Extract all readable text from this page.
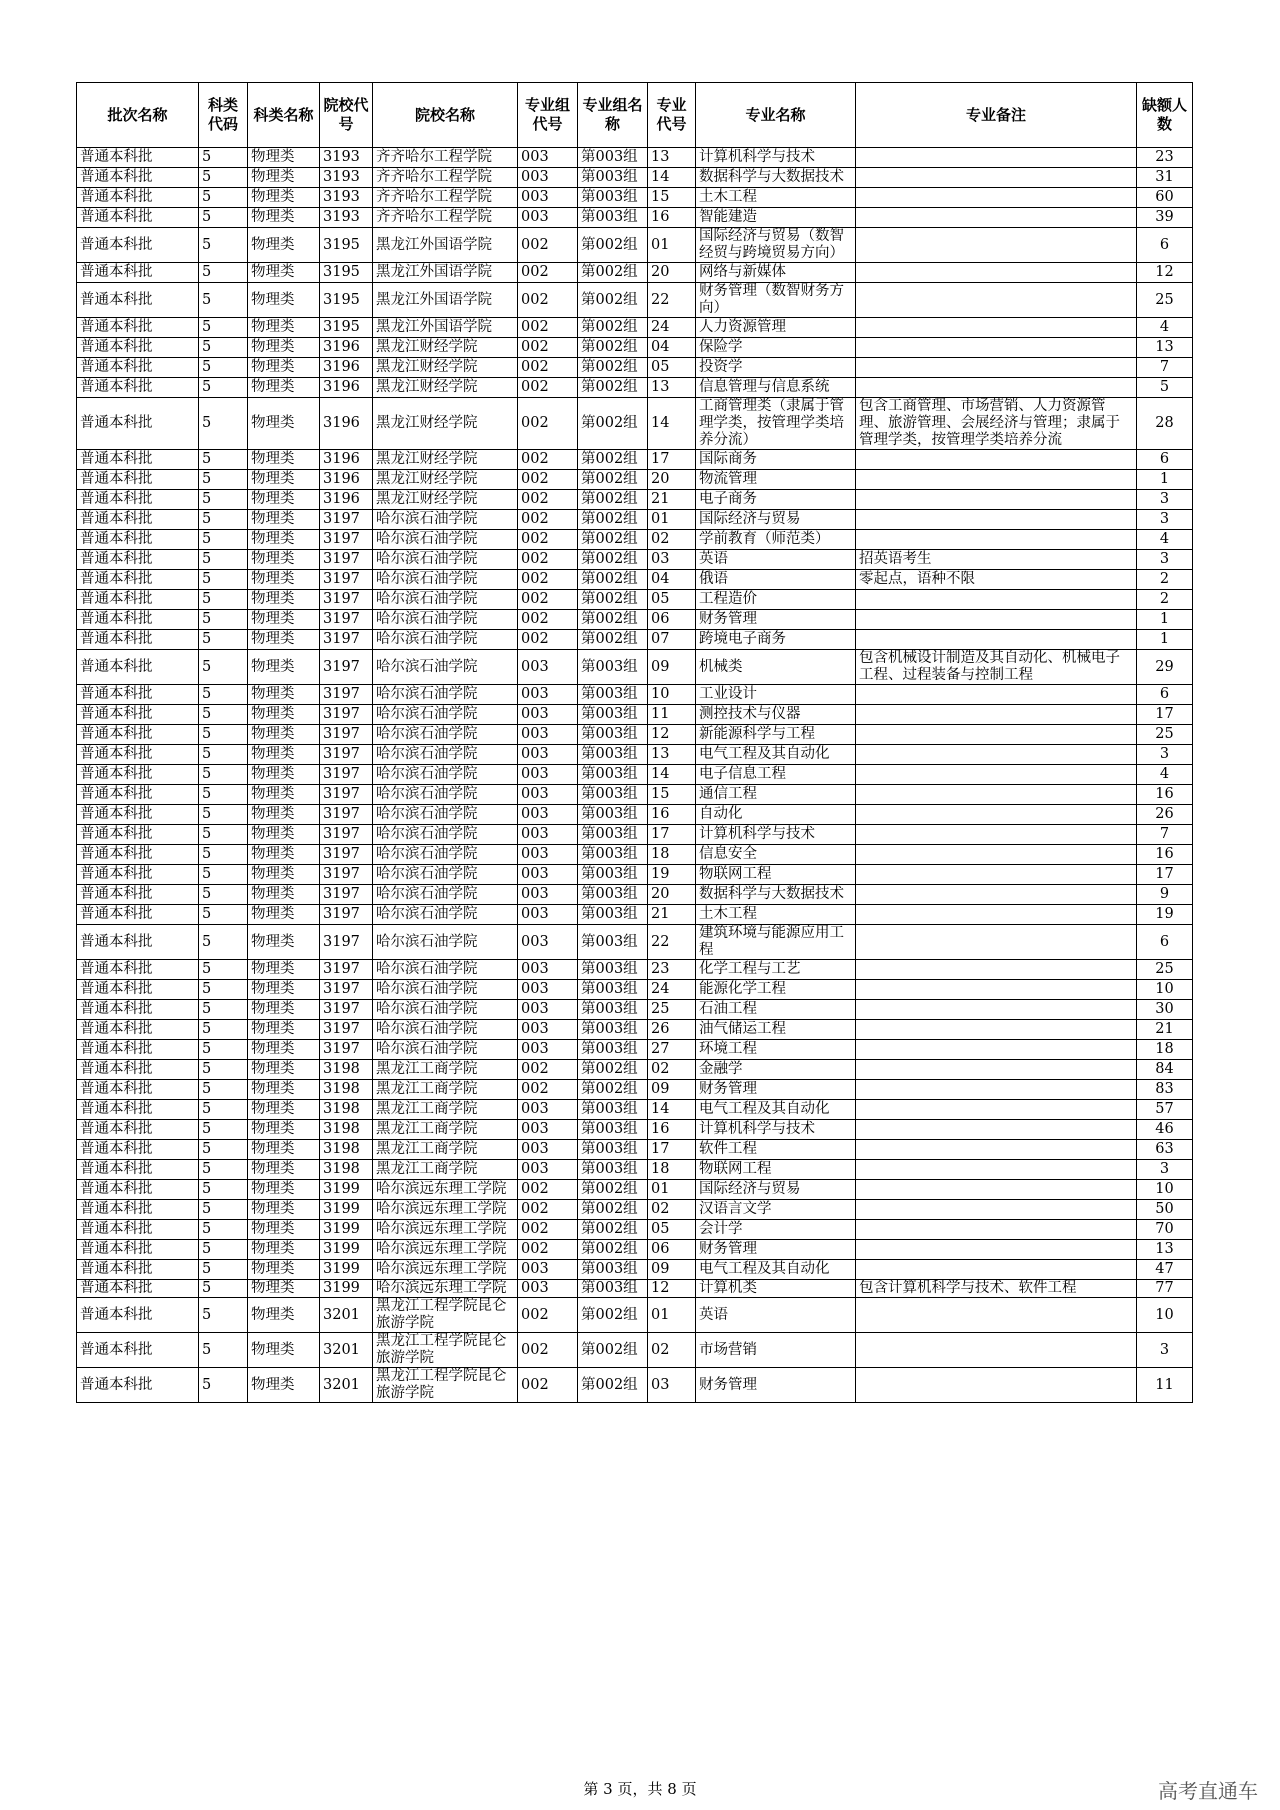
批次名称	科类代码	科类名称	院校代号	院校名称	专业组代号	专业组名称	专业代号	专业名称	专业备注	缺额人数
普通本科批	5	物理类	3193	齐齐哈尔工程学院	003	第003组	13	计算机科学与技术		23
普通本科批	5	物理类	3193	齐齐哈尔工程学院	003	第003组	14	数据科学与大数据技术		31
普通本科批	5	物理类	3193	齐齐哈尔工程学院	003	第003组	15	土木工程		60
普通本科批	5	物理类	3193	齐齐哈尔工程学院	003	第003组	16	智能建造		39
普通本科批	5	物理类	3195	黑龙江外国语学院	002	第002组	01	国际经济与贸易（数智经贸与跨境贸易方向）		6
普通本科批	5	物理类	3195	黑龙江外国语学院	002	第002组	20	网络与新媒体		12
普通本科批	5	物理类	3195	黑龙江外国语学院	002	第002组	22	财务管理（数智财务方向）		25
普通本科批	5	物理类	3195	黑龙江外国语学院	002	第002组	24	人力资源管理		4
普通本科批	5	物理类	3196	黑龙江财经学院	002	第002组	04	保险学		13
普通本科批	5	物理类	3196	黑龙江财经学院	002	第002组	05	投资学		7
普通本科批	5	物理类	3196	黑龙江财经学院	002	第002组	13	信息管理与信息系统		5
普通本科批	5	物理类	3196	黑龙江财经学院	002	第002组	14	工商管理类（隶属于管理学类，按管理学类培养分流）	包含工商管理、市场营销、人力资源管理、旅游管理、会展经济与管理；隶属于管理学类，按管理学类培养分流	28
普通本科批	5	物理类	3196	黑龙江财经学院	002	第002组	17	国际商务		6
普通本科批	5	物理类	3196	黑龙江财经学院	002	第002组	20	物流管理		1
普通本科批	5	物理类	3196	黑龙江财经学院	002	第002组	21	电子商务		3
普通本科批	5	物理类	3197	哈尔滨石油学院	002	第002组	01	国际经济与贸易		3
普通本科批	5	物理类	3197	哈尔滨石油学院	002	第002组	02	学前教育（师范类）		4
普通本科批	5	物理类	3197	哈尔滨石油学院	002	第002组	03	英语	招英语考生	3
普通本科批	5	物理类	3197	哈尔滨石油学院	002	第002组	04	俄语	零起点，语种不限	2
普通本科批	5	物理类	3197	哈尔滨石油学院	002	第002组	05	工程造价		2
普通本科批	5	物理类	3197	哈尔滨石油学院	002	第002组	06	财务管理		1
普通本科批	5	物理类	3197	哈尔滨石油学院	002	第002组	07	跨境电子商务		1
普通本科批	5	物理类	3197	哈尔滨石油学院	003	第003组	09	机械类	包含机械设计制造及其自动化、机械电子工程、过程装备与控制工程	29
普通本科批	5	物理类	3197	哈尔滨石油学院	003	第003组	10	工业设计		6
普通本科批	5	物理类	3197	哈尔滨石油学院	003	第003组	11	测控技术与仪器		17
普通本科批	5	物理类	3197	哈尔滨石油学院	003	第003组	12	新能源科学与工程		25
普通本科批	5	物理类	3197	哈尔滨石油学院	003	第003组	13	电气工程及其自动化		3
普通本科批	5	物理类	3197	哈尔滨石油学院	003	第003组	14	电子信息工程		4
普通本科批	5	物理类	3197	哈尔滨石油学院	003	第003组	15	通信工程		16
普通本科批	5	物理类	3197	哈尔滨石油学院	003	第003组	16	自动化		26
普通本科批	5	物理类	3197	哈尔滨石油学院	003	第003组	17	计算机科学与技术		7
普通本科批	5	物理类	3197	哈尔滨石油学院	003	第003组	18	信息安全		16
普通本科批	5	物理类	3197	哈尔滨石油学院	003	第003组	19	物联网工程		17
普通本科批	5	物理类	3197	哈尔滨石油学院	003	第003组	20	数据科学与大数据技术		9
普通本科批	5	物理类	3197	哈尔滨石油学院	003	第003组	21	土木工程		19
普通本科批	5	物理类	3197	哈尔滨石油学院	003	第003组	22	建筑环境与能源应用工程		6
普通本科批	5	物理类	3197	哈尔滨石油学院	003	第003组	23	化学工程与工艺		25
普通本科批	5	物理类	3197	哈尔滨石油学院	003	第003组	24	能源化学工程		10
普通本科批	5	物理类	3197	哈尔滨石油学院	003	第003组	25	石油工程		30
普通本科批	5	物理类	3197	哈尔滨石油学院	003	第003组	26	油气储运工程		21
普通本科批	5	物理类	3197	哈尔滨石油学院	003	第003组	27	环境工程		18
普通本科批	5	物理类	3198	黑龙江工商学院	002	第002组	02	金融学		84
普通本科批	5	物理类	3198	黑龙江工商学院	002	第002组	09	财务管理		83
普通本科批	5	物理类	3198	黑龙江工商学院	003	第003组	14	电气工程及其自动化		57
普通本科批	5	物理类	3198	黑龙江工商学院	003	第003组	16	计算机科学与技术		46
普通本科批	5	物理类	3198	黑龙江工商学院	003	第003组	17	软件工程		63
普通本科批	5	物理类	3198	黑龙江工商学院	003	第003组	18	物联网工程		3
普通本科批	5	物理类	3199	哈尔滨远东理工学院	002	第002组	01	国际经济与贸易		10
普通本科批	5	物理类	3199	哈尔滨远东理工学院	002	第002组	02	汉语言文学		50
普通本科批	5	物理类	3199	哈尔滨远东理工学院	002	第002组	05	会计学		70
普通本科批	5	物理类	3199	哈尔滨远东理工学院	002	第002组	06	财务管理		13
普通本科批	5	物理类	3199	哈尔滨远东理工学院	003	第003组	09	电气工程及其自动化		47
普通本科批	5	物理类	3199	哈尔滨远东理工学院	003	第003组	12	计算机类	包含计算机科学与技术、软件工程	77
普通本科批	5	物理类	3201	黑龙江工程学院昆仑旅游学院	002	第002组	01	英语		10
普通本科批	5	物理类	3201	黑龙江工程学院昆仑旅游学院	002	第002组	02	市场营销		3
普通本科批	5	物理类	3201	黑龙江工程学院昆仑旅游学院	002	第002组	03	财务管理		11
第 3 页，共 8 页	高考直通车
